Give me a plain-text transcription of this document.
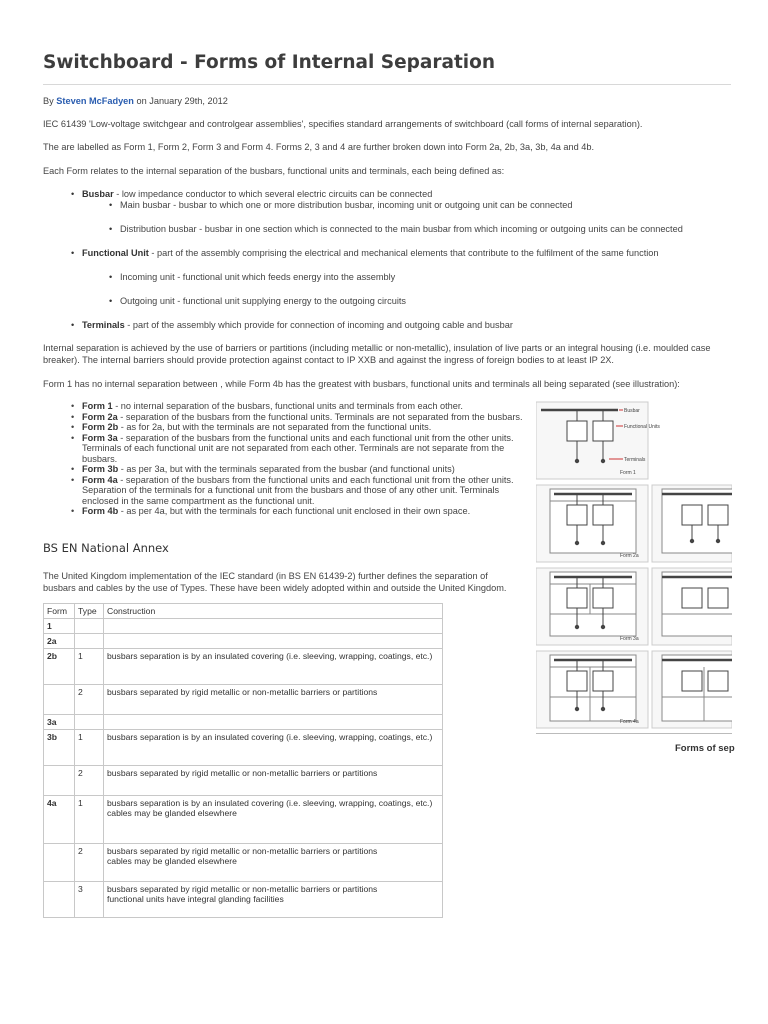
Switchboard - Forms of Internal Separation

By Steven McFadyen on January 29th, 2012

IEC 61439 'Low-voltage switchgear and controlgear assemblies', specifies standard arrangements of switchboard (call forms of internal separation).

The are labelled as Form 1, Form 2, Form 3 and Form 4. Forms 2, 3 and 4 are further broken down into Form 2a, 2b, 3a, 3b, 4a and 4b.

Each Form relates to the internal separation of the busbars, functional units and terminals, each being defined as:

• Busbar - low impedance conductor to which several electric circuits can be connected
• Main busbar - busbar to which one or more distribution busbar, incoming unit or outgoing unit can be connected
• Distribution busbar - busbar in one section which is connected to the main busbar from which incoming or outgoing units can be connected
• Functional Unit - part of the assembly comprising the electrical and mechanical elements that contribute to the fulfilment of the same function
• Incoming unit - functional unit which feeds energy into the assembly
• Outgoing unit - functional unit supplying energy to the outgoing circuits
• Terminals - part of the assembly which provide for connection of incoming and outgoing cable and busbar

Internal separation is achieved by the use of barriers or partitions (including metallic or non-metallic), insulation of live parts or an integral housing (i.e. moulded case breaker). The internal barriers should provide protection against contact to IP XXB and against the ingress of foreign bodies to at least IP 2X.

Form 1 has no internal separation between , while Form 4b has the greatest with busbars, functional units and terminals all being separated (see illustration):

• Form 1 - no internal separation of the busbars, functional units and terminals from each other.
• Form 2a - separation of the busbars from the functional units. Terminals are not separated from the busbars.
• Form 2b - as for 2a, but with the terminals are not separated from the functional units.
• Form 3a - separation of the busbars from the functional units and each functional unit from the other units. Terminals of each functional unit are not separated from each other. Terminals are not separate from the busbars.
• Form 3b - as per 3a, but with the terminals separated from the busbar (and functional units)
• Form 4a - separation of the busbars from the functional units and each functional unit from the other units. Separation of the terminals for a functional unit from the busbars and those of any other unit. Terminals enclosed in the same compartment as the functional unit.
• Form 4b - as per 4a, but with the terminals for each functional unit enclosed in their own space.
Busbar
Functional Units
Terminals
Form 1
Form 2a
Form 3a
Form 4a
Forms of sep
BS EN National Annex

The United Kingdom implementation of the IEC standard (in BS EN 61439-2) further defines the separation of busbars and cables by the use of Types. These have been widely adopted within and outside the United Kingdom.

Form	Type	Construction
1		
2a		
2b	1	busbars separation is by an insulated covering (i.e. sleeving, wrapping, coatings, etc.)
	2	busbars separated by rigid metallic or non-metallic barriers or partitions
3a		
3b	1	busbars separation is by an insulated covering (i.e. sleeving, wrapping, coatings, etc.)
	2	busbars separated by rigid metallic or non-metallic barriers or partitions
4a	1	busbars separation is by an insulated covering (i.e. sleeving, wrapping, coatings, etc.)
cables may be glanded elsewhere

	2	busbars separated by rigid metallic or non-metallic barriers or partitions
cables may be glanded elsewhere

	3	busbars separated by rigid metallic or non-metallic barriers or partitions
functional units have integral glanding facilities
